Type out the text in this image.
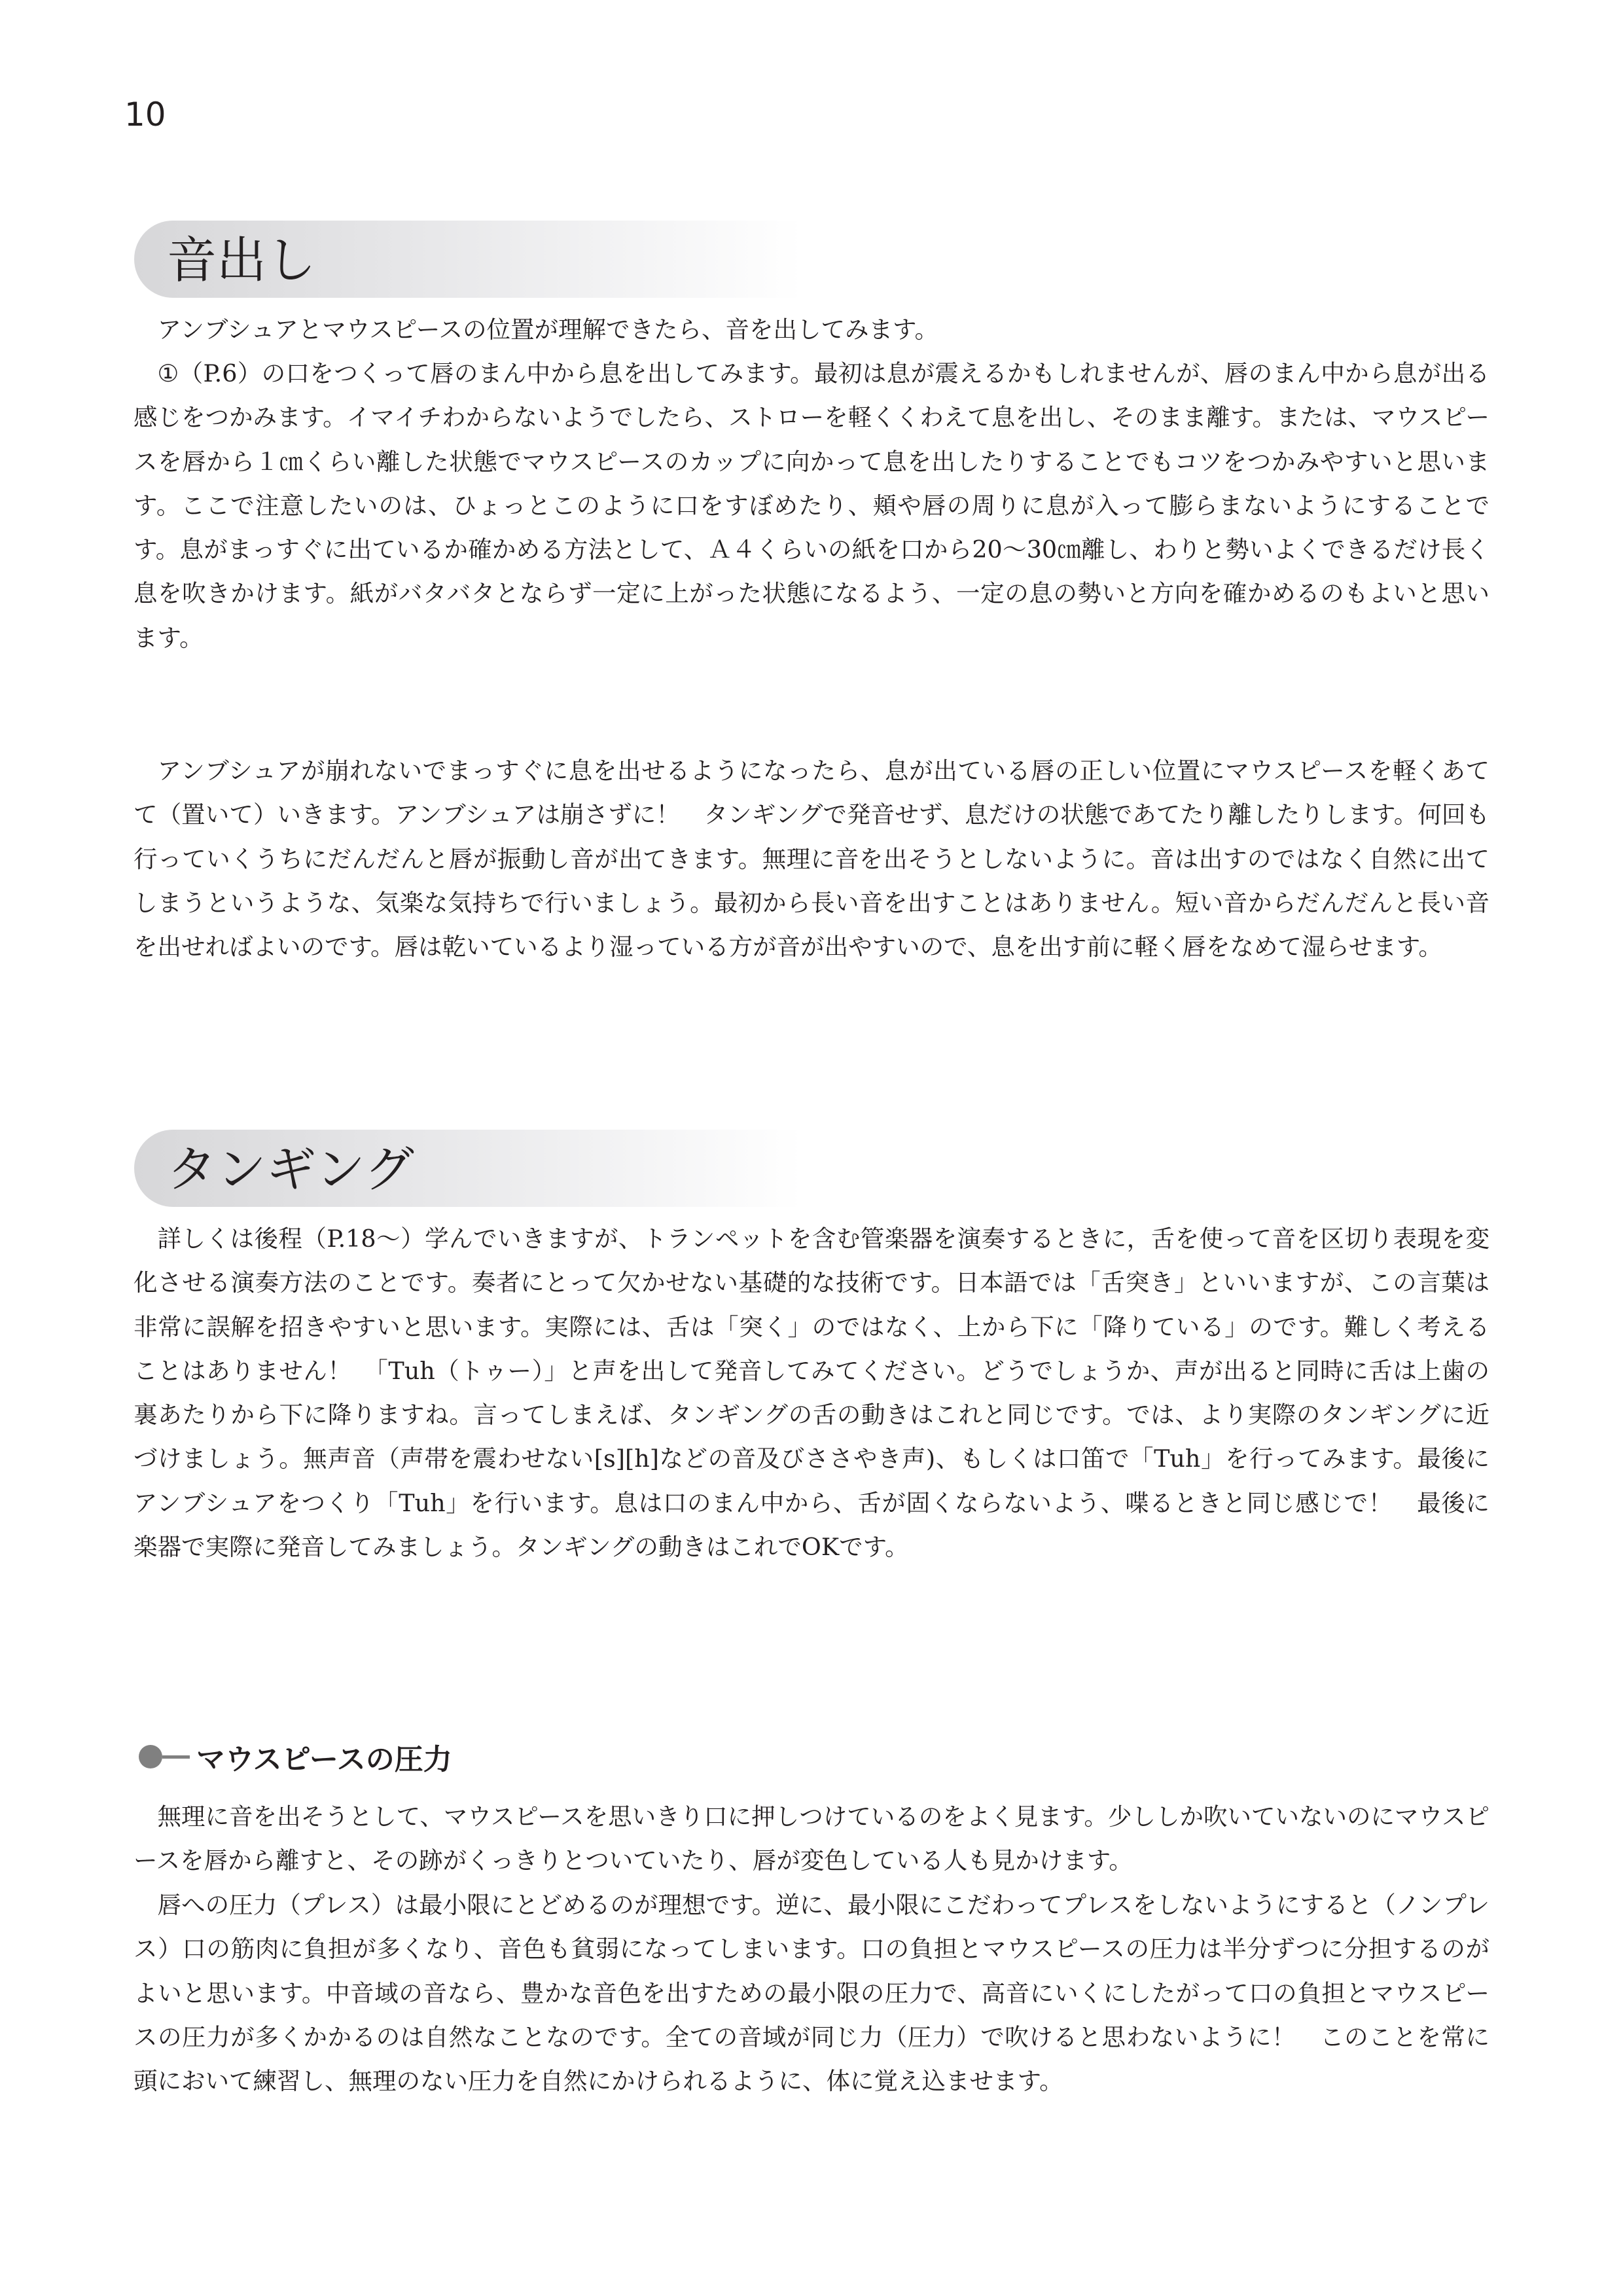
10
音出し

アンブシュアとマウスピースの位置が理解できたら、音を出してみます。

①（P.6）の口をつくって唇のまん中から息を出してみます。最初は息が震えるかもしれませんが、唇のまん中から息が出る感じをつかみます。イマイチわからないようでしたら、ストローを軽くくわえて息を出し、そのまま離す。または、マウスピースを唇から１㎝くらい離した状態でマウスピースのカップに向かって息を出したりすることでもコツをつかみやすいと思います。ここで注意したいのは、ひょっとこのように口をすぼめたり、頬や唇の周りに息が入って膨らまないようにすることです。息がまっすぐに出ているか確かめる方法として、Ａ４くらいの紙を口から20～30㎝離し、わりと勢いよくできるだけ長く息を吹きかけます。紙がバタバタとならず一定に上がった状態になるよう、一定の息の勢いと方向を確かめるのもよいと思います。

アンブシュアが崩れないでまっすぐに息を出せるようになったら、息が出ている唇の正しい位置にマウスピースを軽くあてて（置いて）いきます。アンブシュアは崩さずに！　タンギングで発音せず、息だけの状態であてたり離したりします。何回も行っていくうちにだんだんと唇が振動し音が出てきます。無理に音を出そうとしないように。音は出すのではなく自然に出てしまうというような、気楽な気持ちで行いましょう。最初から長い音を出すことはありません。短い音からだんだんと長い音を出せればよいのです。唇は乾いているより湿っている方が音が出やすいので、息を出す前に軽く唇をなめて湿らせます。

タンギング

詳しくは後程（P.18～）学んでいきますが、トランペットを含む管楽器を演奏するときに，舌を使って音を区切り表現を変化させる演奏方法のことです。奏者にとって欠かせない基礎的な技術です。日本語では「舌突き」といいますが、この言葉は非常に誤解を招きやすいと思います。実際には、舌は「突く」のではなく、上から下に「降りている」のです。難しく考えることはありません！　「Tuh（トゥー）」と声を出して発音してみてください。どうでしょうか、声が出ると同時に舌は上歯の裏あたりから下に降りますね。言ってしまえば、タンギングの舌の動きはこれと同じです。では、より実際のタンギングに近づけましょう。無声音（声帯を震わせない[s][h]などの音及びささやき声)、もしくは口笛で「Tuh」を行ってみます。最後にアンブシュアをつくり「Tuh」を行います。息は口のまん中から、舌が固くならないよう、喋るときと同じ感じで！　最後に楽器で実際に発音してみましょう。タンギングの動きはこれでOKです。

マウスピースの圧力

無理に音を出そうとして、マウスピースを思いきり口に押しつけているのをよく見ます。少ししか吹いていないのにマウスピースを唇から離すと、その跡がくっきりとついていたり、唇が変色している人も見かけます。

唇への圧力（プレス）は最小限にとどめるのが理想です。逆に、最小限にこだわってプレスをしないようにすると（ノンプレス）口の筋肉に負担が多くなり、音色も貧弱になってしまいます。口の負担とマウスピースの圧力は半分ずつに分担するのがよいと思います。中音域の音なら、豊かな音色を出すための最小限の圧力で、高音にいくにしたがって口の負担とマウスピースの圧力が多くかかるのは自然なことなのです。全ての音域が同じ力（圧力）で吹けると思わないように！　このことを常に頭において練習し、無理のない圧力を自然にかけられるように、体に覚え込ませます。
